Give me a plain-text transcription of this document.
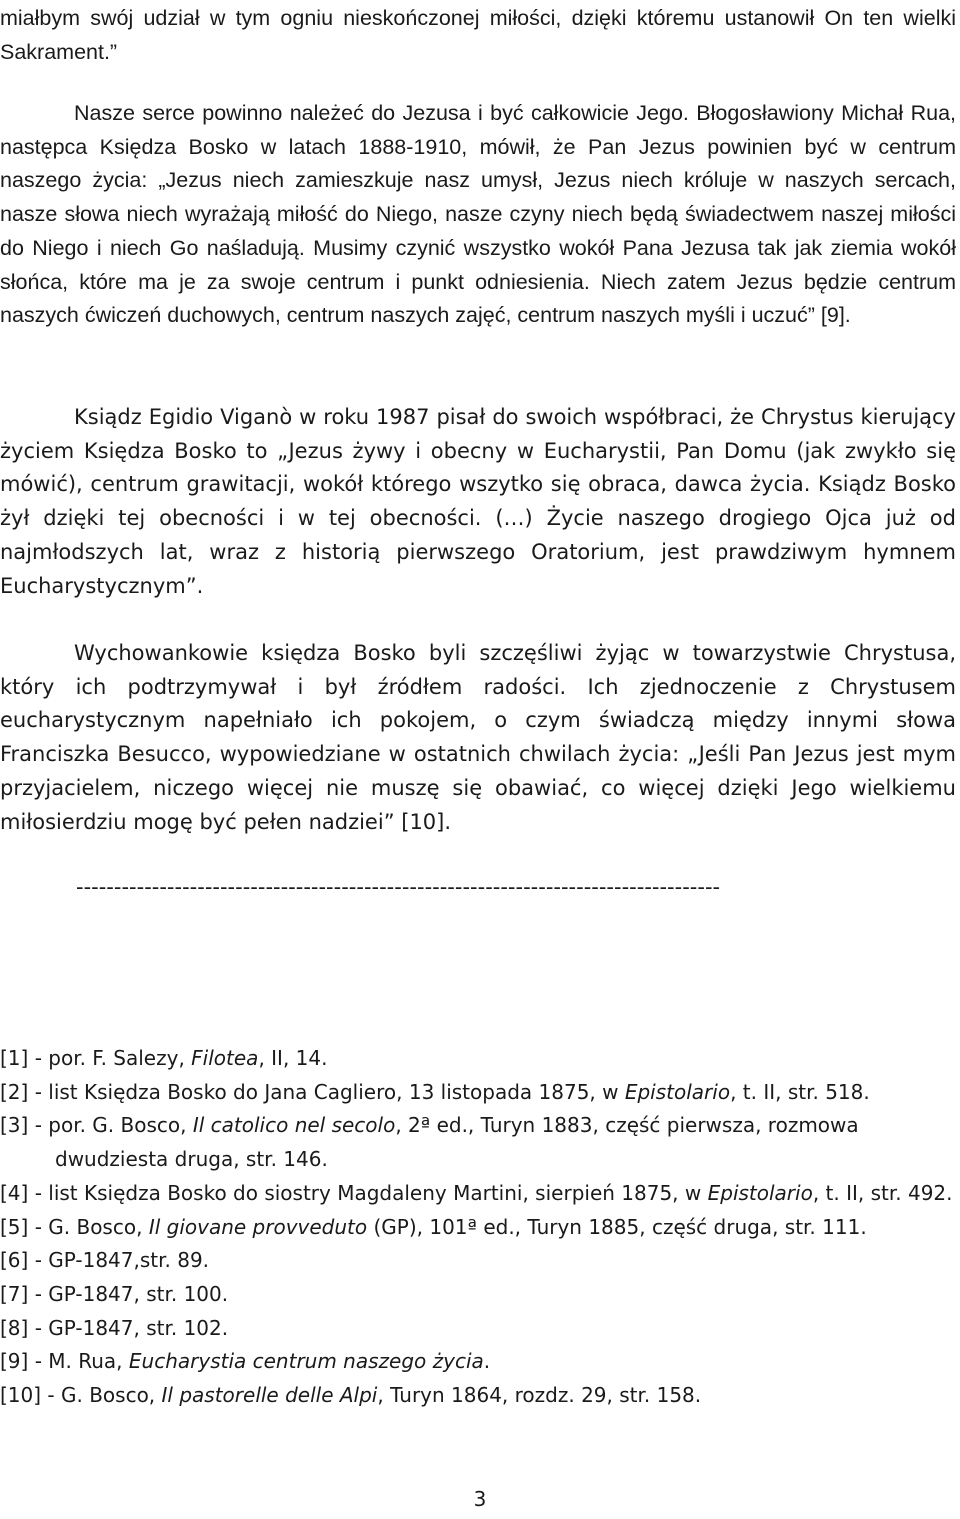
miałbym swój udział w tym ogniu nieskończonej miłości, dzięki któremu ustanowił On ten wielki Sakrament.”

Nasze serce powinno należeć do Jezusa i być całkowicie Jego. Błogosławiony Michał Rua, następca Księdza Bosko w latach 1888-1910, mówił, że Pan Jezus powinien być w centrum naszego życia: „Jezus niech zamieszkuje nasz umysł, Jezus niech króluje w naszych sercach, nasze słowa niech wyrażają miłość do Niego, nasze czyny niech będą świadectwem naszej miłości do Niego i niech Go naśladują. Musimy czynić wszystko wokół Pana Jezusa tak jak ziemia wokół słońca, które ma je za swoje centrum i punkt odniesienia. Niech zatem Jezus będzie centrum naszych ćwiczeń duchowych, centrum naszych zajęć, centrum naszych myśli i uczuć” [9].

Ksiądz Egidio Viganò w roku 1987 pisał do swoich współbraci, że Chrystus kierujący życiem Księdza Bosko to „Jezus żywy i obecny w Eucharystii, Pan Domu (jak zwykło się mówić), centrum grawitacji, wokół którego wszytko się obraca, dawca życia. Ksiądz Bosko żył dzięki tej obecności i w tej obecności. (…) Życie naszego drogiego Ojca już od najmłodszych lat, wraz z historią pierwszego Oratorium, jest prawdziwym hymnem Eucharystycznym”.

Wychowankowie księdza Bosko byli szczęśliwi żyjąc w towarzystwie Chrystusa, który ich podtrzymywał i był źródłem radości. Ich zjednoczenie z Chrystusem eucharystycznym napełniało ich pokojem, o czym świadczą między innymi słowa Franciszka Besucco, wypowiedziane w ostatnich chwilach życia: „Jeśli Pan Jezus jest mym przyjacielem, niczego więcej nie muszę się obawiać, co więcej dzięki Jego wielkiemu miłosierdziu mogę być pełen nadziei” [10].

-------------------------------------------------------------------------------------

[1] - por. F. Salezy, Filotea, II, 14.
[2] - list Księdza Bosko do Jana Cagliero, 13 listopada 1875, w Epistolario, t. II, str. 518.
[3] - por. G. Bosco, Il catolico nel secolo, 2ª ed., Turyn 1883, część pierwsza, rozmowa dwudziesta druga, str. 146.
[4] - list Księdza Bosko do siostry Magdaleny Martini, sierpień 1875, w Epistolario, t. II, str. 492.
[5] - G. Bosco, Il giovane provveduto (GP), 101ª ed., Turyn 1885, część druga, str. 111.
[6] - GP-1847,str. 89.
[7] - GP-1847, str. 100.
[8] - GP-1847, str. 102.
[9] - M. Rua, Eucharystia centrum naszego życia.
[10] - G. Bosco, Il pastorelle delle Alpi, Turyn 1864, rozdz. 29, str. 158.
3
